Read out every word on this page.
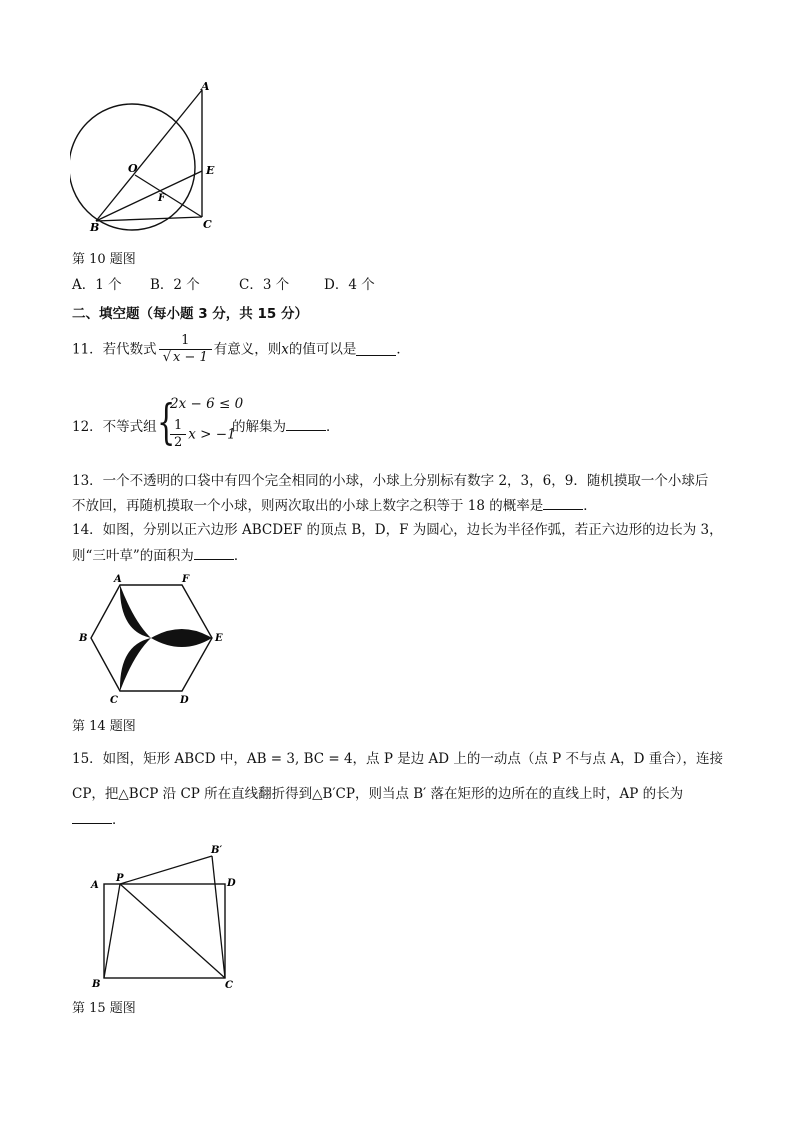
A
O	E
F
B	C
第 10 题图
A．1 个 B．2 个	C．3 个	D．4 个
二、填空题（每小题 3 分，共 15 分）
11．若代数式 $\frac{1}{√ x - 1}$ 有意义，则x的值可以是	．
12．不等式组 {
2x − 6 ≤ 0
$\frac{1}{2}$ x > −1
的解集为	．
13．一个不透明的口袋中有四个完全相同的小球，小球上分别标有数字 2，3，6，9．随机摸取一个小球后
不放回，再随机摸取一个小球，则两次取出的小球上数字之积等于 18 的概率是	．
14．如图，分别以正六边形 ABCDEF 的顶点 B，D，F 为圆心，边长为半径作弧，若正六边形的边长为 3，
则“三叶草”的面积为	．
A	F
B	E
C	D
第 14 题图
15．如图，矩形 ABCD 中，AB = 3, BC = 4，点 P 是边 AD 上的一动点（点 P 不与点 A，D 重合），连接
CP，把△BCP 沿 CP 所在直线翻折得到△B′CP，则当点 B′ 落在矩形的边所在的直线上时，AP 的长为
．
B′
A
P	D
B	C
第 15 题图
